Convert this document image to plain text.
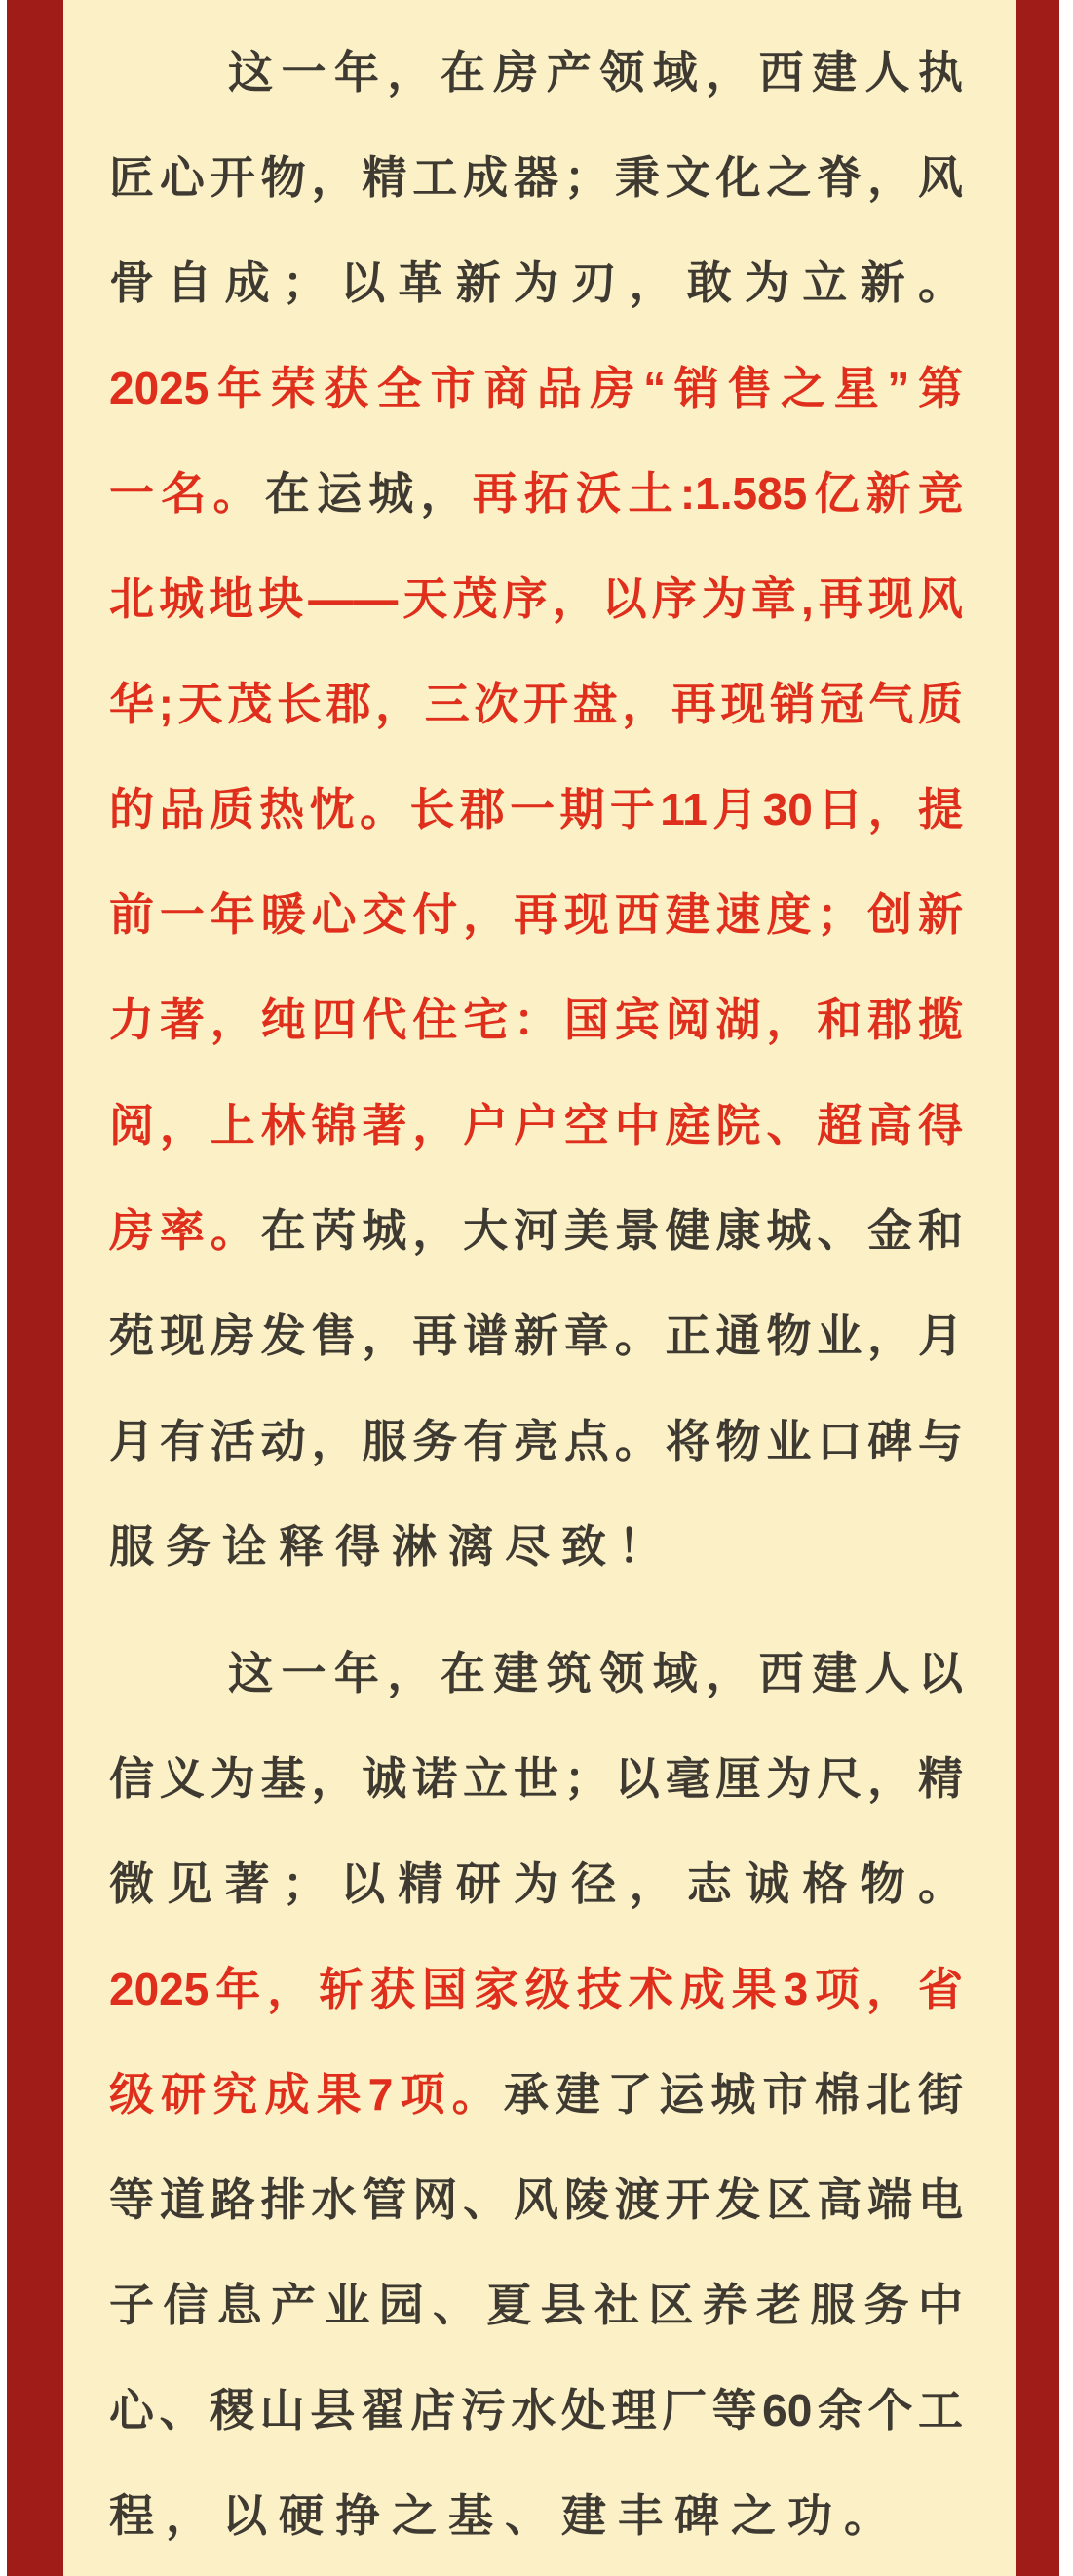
这一年，在房产领域，西建人执
匠心开物，精工成器；秉文化之脊，风
骨自成；以革新为刃，敢为立新。
2025年荣获全市商品房“销售之星”第
一名。在运城，再拓沃土:1.585亿新竞
北城地块——天茂序，以序为章,再现风
华;天茂长郡，三次开盘，再现销冠气质
的品质热忱。长郡一期于11月30日，提
前一年暖心交付，再现西建速度；创新
力著，纯四代住宅：国宾阅湖，和郡揽
阅，上林锦著，户户空中庭院、超高得
房率。在芮城，大河美景健康城、金和
苑现房发售，再谱新章。正通物业，月
月有活动，服务有亮点。将物业口碑与
服务诠释得淋漓尽致！
这一年，在建筑领域，西建人以
信义为基，诚诺立世；以毫厘为尺，精
微见著；以精研为径，志诚格物。
2025年，斩获国家级技术成果3项，省
级研究成果7项。承建了运城市棉北街
等道路排水管网、风陵渡开发区高端电
子信息产业园、夏县社区养老服务中
心、稷山县翟店污水处理厂等60余个工
程，以硬挣之基、建丰碑之功。
